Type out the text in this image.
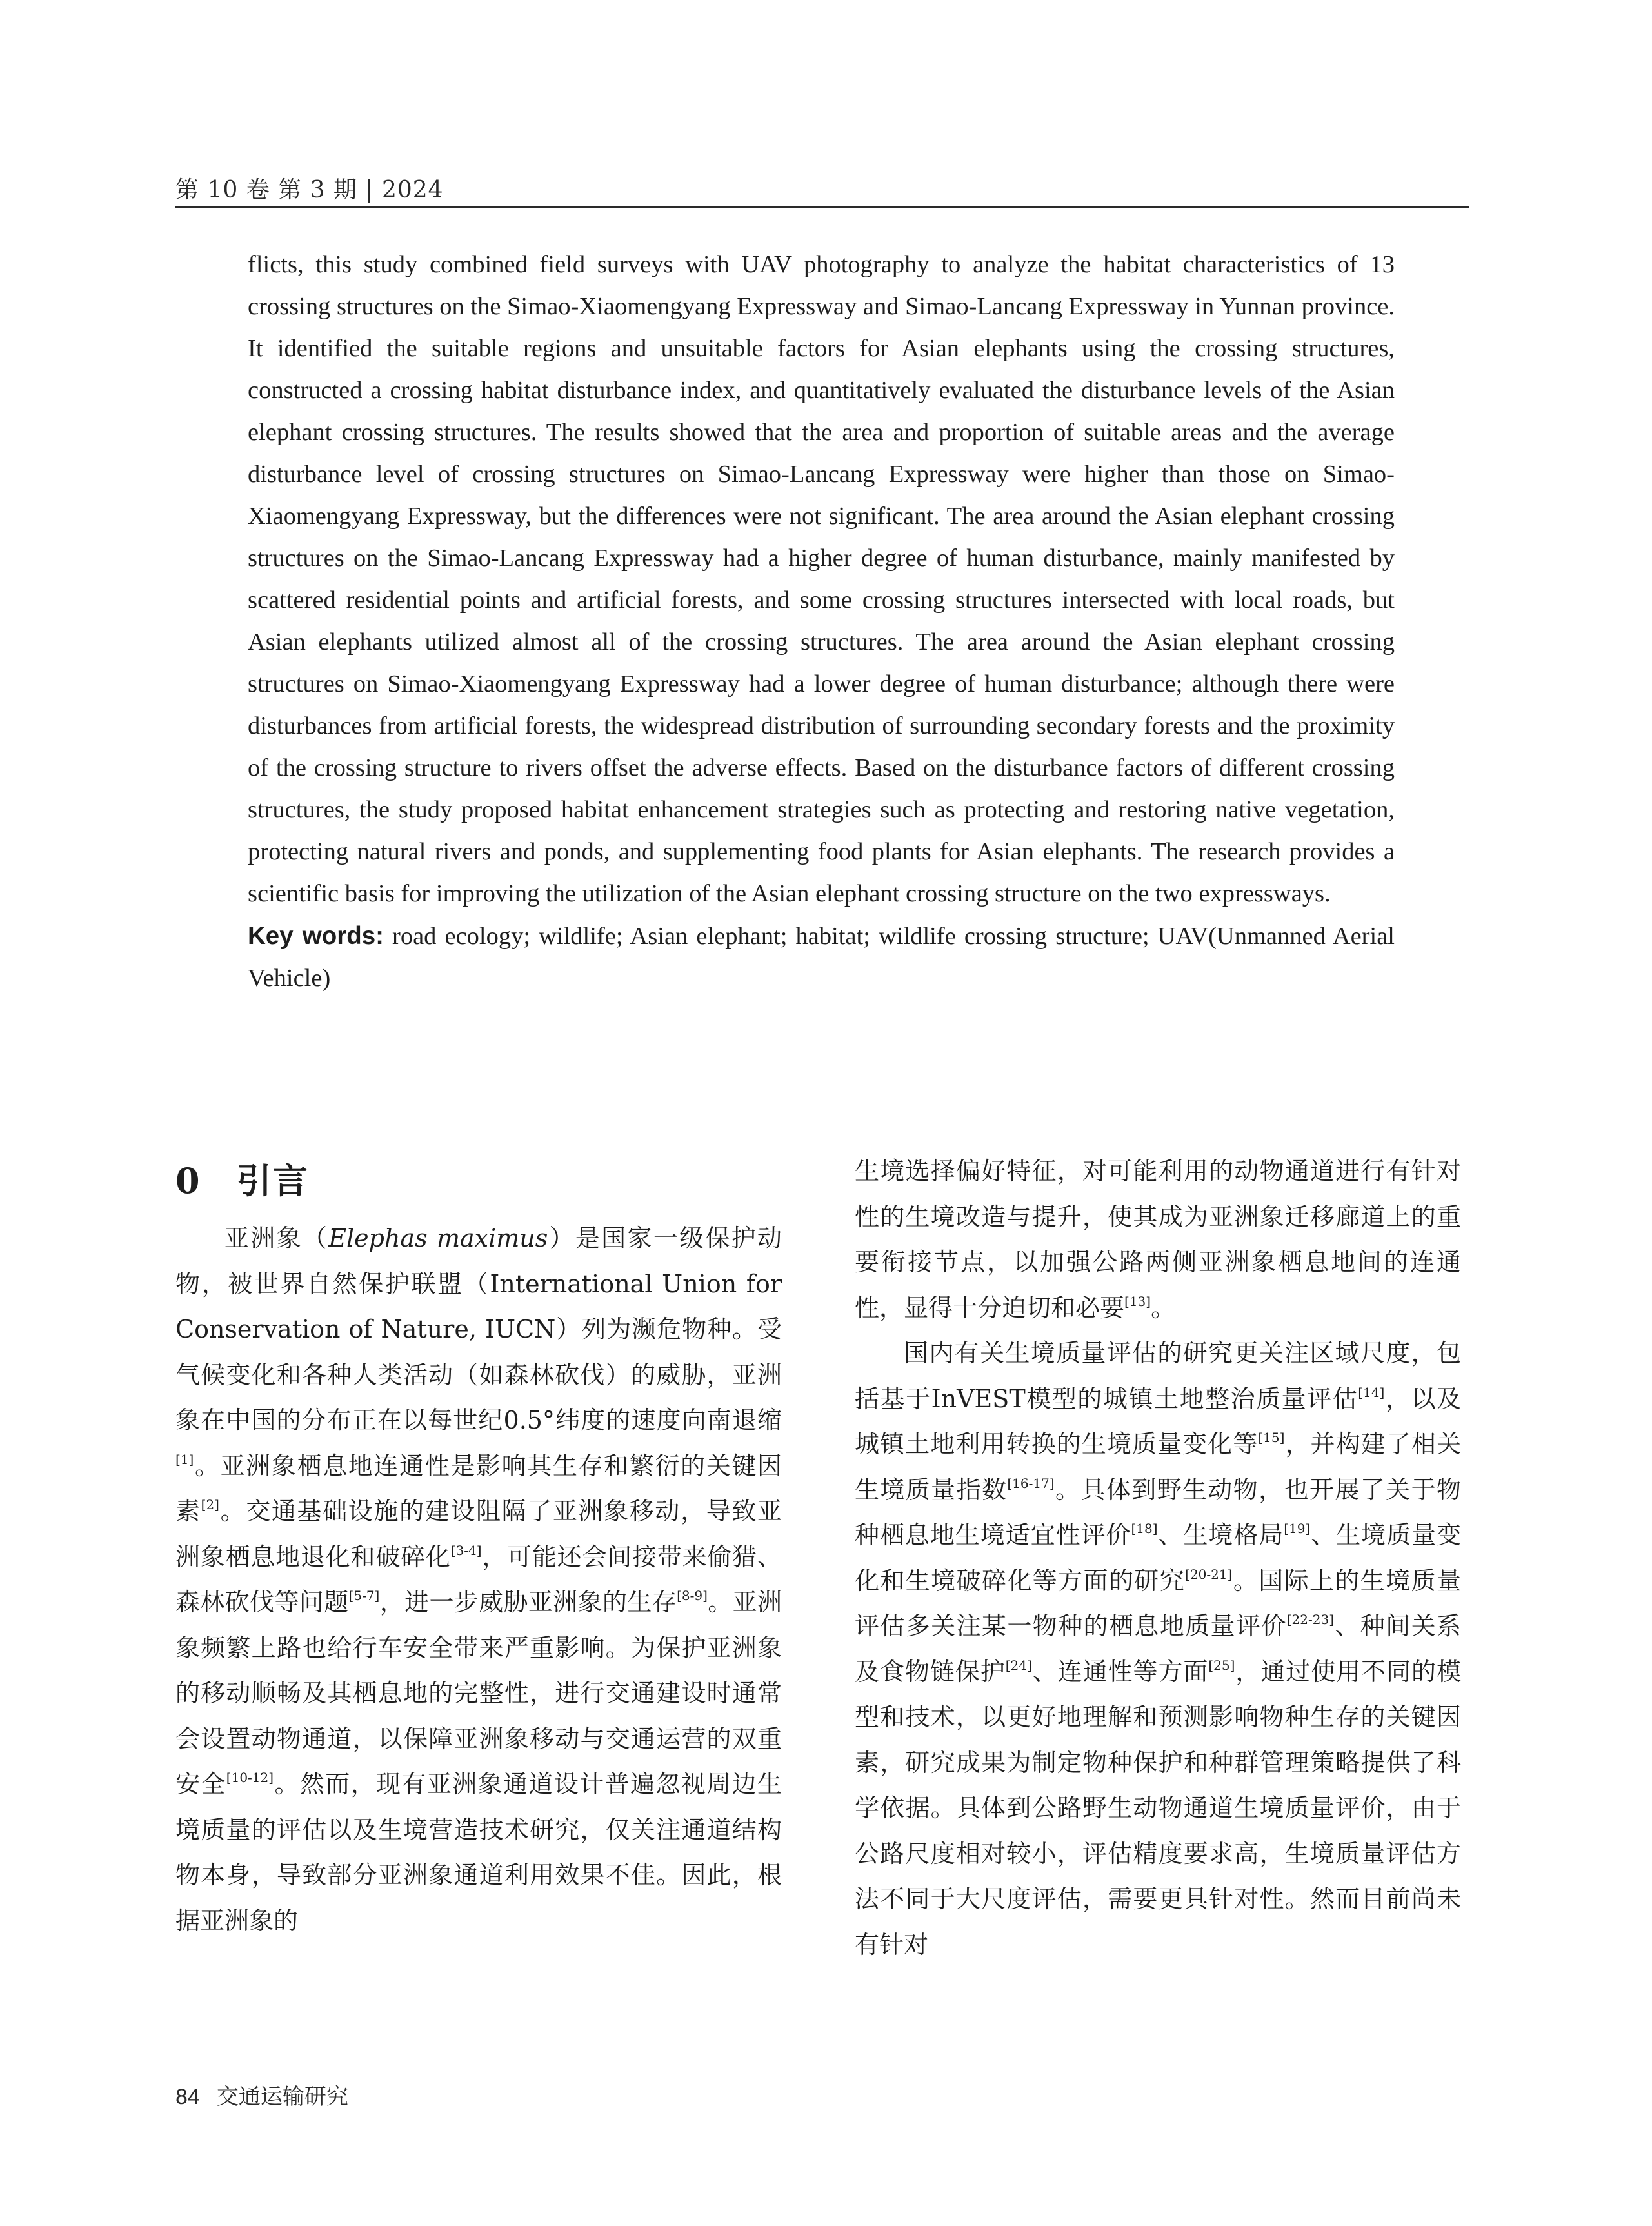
第 10 卷 第 3 期 | 2024

flicts, this study combined field surveys with UAV photography to analyze the habitat characteristics of 13 crossing structures on the Simao-Xiaomengyang Expressway and Simao-Lancang Expressway in Yunnan province. It identified the suitable regions and unsuitable factors for Asian elephants using the crossing structures, constructed a crossing habitat disturbance index, and quantitatively evaluated the disturbance levels of the Asian elephant crossing structures. The results showed that the area and proportion of suitable areas and the average disturbance level of crossing structures on Simao-Lancang Expressway were higher than those on Simao-Xiaomengyang Expressway, but the differences were not significant. The area around the Asian elephant crossing structures on the Simao-Lancang Expressway had a higher degree of human disturbance, mainly manifested by scattered residential points and artificial forests, and some crossing structures intersected with local roads, but Asian elephants utilized almost all of the crossing structures. The area around the Asian elephant crossing structures on Simao-Xiaomengyang Expressway had a lower degree of human disturbance; although there were disturbances from artificial forests, the widespread distribution of surrounding secondary forests and the proximity of the crossing structure to rivers offset the adverse effects. Based on the disturbance factors of different crossing structures, the study proposed habitat enhancement strategies such as protecting and restoring native vegetation, protecting natural rivers and ponds, and supplementing food plants for Asian elephants. The research provides a scientific basis for improving the utilization of the Asian elephant crossing structure on the two expressways.

Key words: road ecology; wildlife; Asian elephant; habitat; wildlife crossing structure; UAV(Unmanned Aerial Vehicle)

0 引言

亚洲象（Elephas maximus）是国家一级保护动物，被世界自然保护联盟（International Union for Conservation of Nature, IUCN）列为濒危物种。受气候变化和各种人类活动（如森林砍伐）的威胁，亚洲象在中国的分布正在以每世纪0.5°纬度的速度向南退缩[1]。亚洲象栖息地连通性是影响其生存和繁衍的关键因素[2]。交通基础设施的建设阻隔了亚洲象移动，导致亚洲象栖息地退化和破碎化[3-4]，可能还会间接带来偷猎、森林砍伐等问题[5-7]，进一步威胁亚洲象的生存[8-9]。亚洲象频繁上路也给行车安全带来严重影响。为保护亚洲象的移动顺畅及其栖息地的完整性，进行交通建设时通常会设置动物通道，以保障亚洲象移动与交通运营的双重安全[10-12]。然而，现有亚洲象通道设计普遍忽视周边生境质量的评估以及生境营造技术研究，仅关注通道结构物本身，导致部分亚洲象通道利用效果不佳。因此，根据亚洲象的

生境选择偏好特征，对可能利用的动物通道进行有针对性的生境改造与提升，使其成为亚洲象迁移廊道上的重要衔接节点，以加强公路两侧亚洲象栖息地间的连通性，显得十分迫切和必要[13]。

国内有关生境质量评估的研究更关注区域尺度，包括基于InVEST模型的城镇土地整治质量评估[14]，以及城镇土地利用转换的生境质量变化等[15]，并构建了相关生境质量指数[16-17]。具体到野生动物，也开展了关于物种栖息地生境适宜性评价[18]、生境格局[19]、生境质量变化和生境破碎化等方面的研究[20-21]。国际上的生境质量评估多关注某一物种的栖息地质量评价[22-23]、种间关系及食物链保护[24]、连通性等方面[25]，通过使用不同的模型和技术，以更好地理解和预测影响物种生存的关键因素，研究成果为制定物种保护和种群管理策略提供了科学依据。具体到公路野生动物通道生境质量评价，由于公路尺度相对较小，评估精度要求高，生境质量评估方法不同于大尺度评估，需要更具针对性。然而目前尚未有针对

84 交通运输研究
